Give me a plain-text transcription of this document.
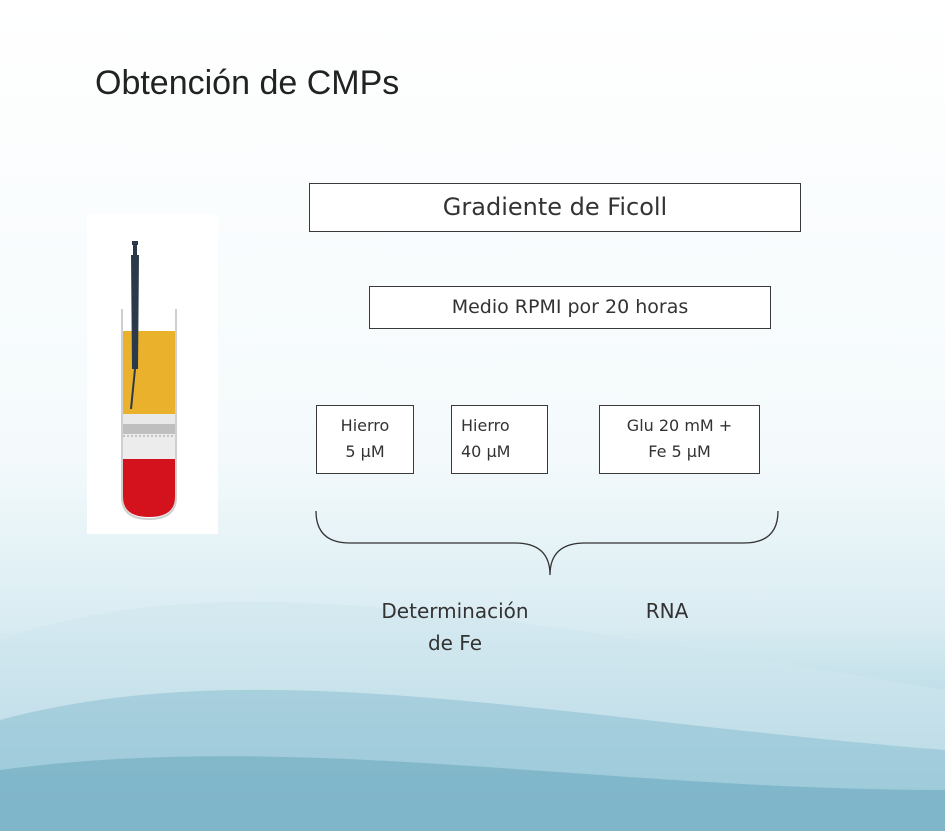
Obtención de CMPs
Gradiente de Ficoll
Medio RPMI por 20 horas
Hierro
5 μM
Hierro
40 μM
Glu 20 mM +
Fe 5 μM
Determinación
de Fe
RNA
